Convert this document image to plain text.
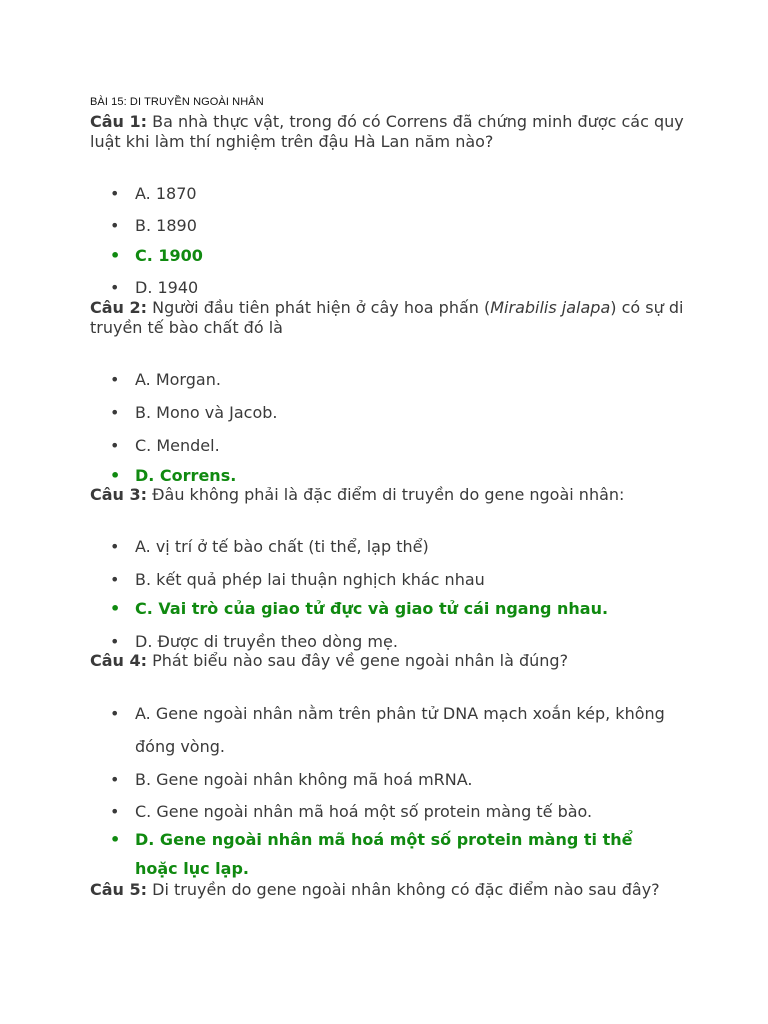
BÀI 15: DI TRUYỀN NGOÀI NHÂN
Câu 1: Ba nhà thực vật, trong đó có Correns đã chứng minh được các quy luật khi làm thí nghiệm trên đậu Hà Lan năm nào?
• A. 1870
• B. 1890
• C. 1900
• D. 1940
Câu 2: Người đầu tiên phát hiện ở cây hoa phấn (Mirabilis jalapa) có sự di truyền tế bào chất đó là
• A. Morgan.
• B. Mono và Jacob.
• C. Mendel.
• D. Correns.
Câu 3: Đâu không phải là đặc điểm di truyền do gene ngoài nhân:
• A. vị trí ở tế bào chất (ti thể, lạp thể)
• B. kết quả phép lai thuận nghịch khác nhau
• C. Vai trò của giao tử đực và giao tử cái ngang nhau.
• D. Được di truyền theo dòng mẹ.
Câu 4: Phát biểu nào sau đây về gene ngoài nhân là đúng?
• A. Gene ngoài nhân nằm trên phân tử DNA mạch xoắn kép, không đóng vòng.
• B. Gene ngoài nhân không mã hoá mRNA.
• C. Gene ngoài nhân mã hoá một số protein màng tế bào.
• D. Gene ngoài nhân mã hoá một số protein màng ti thể hoặc lục lạp.
Câu 5: Di truyền do gene ngoài nhân không có đặc điểm nào sau đây?
